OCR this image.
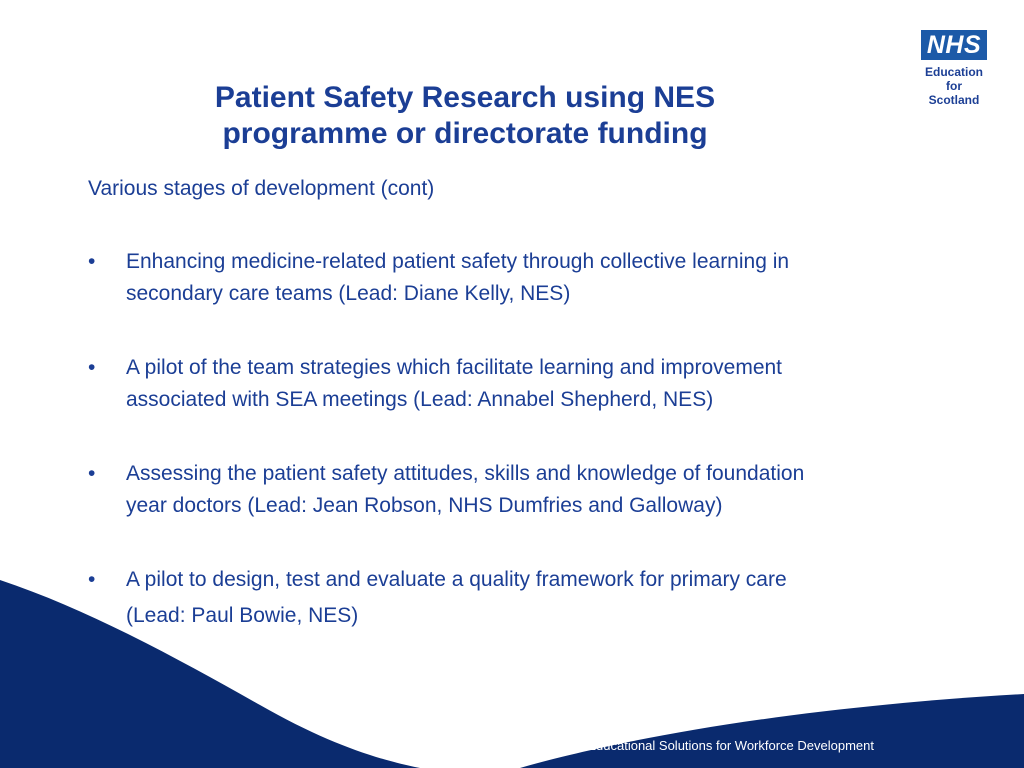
NHS
Education
for
Scotland
Patient Safety Research using NES
programme or directorate funding
Various stages of development (cont)
•	Enhancing medicine-related patient safety through collective learning in
secondary care teams (Lead: Diane Kelly, NES)
•	A pilot of the team strategies which facilitate learning and improvement
associated with SEA meetings (Lead: Annabel Shepherd, NES)
•	Assessing the patient safety attitudes, skills and knowledge of foundation
year doctors (Lead: Jean Robson, NHS Dumfries and Galloway)
•	A pilot to design, test and evaluate a quality framework for primary care
(Lead: Paul Bowie, NES)
Educational Solutions for Workforce Development
